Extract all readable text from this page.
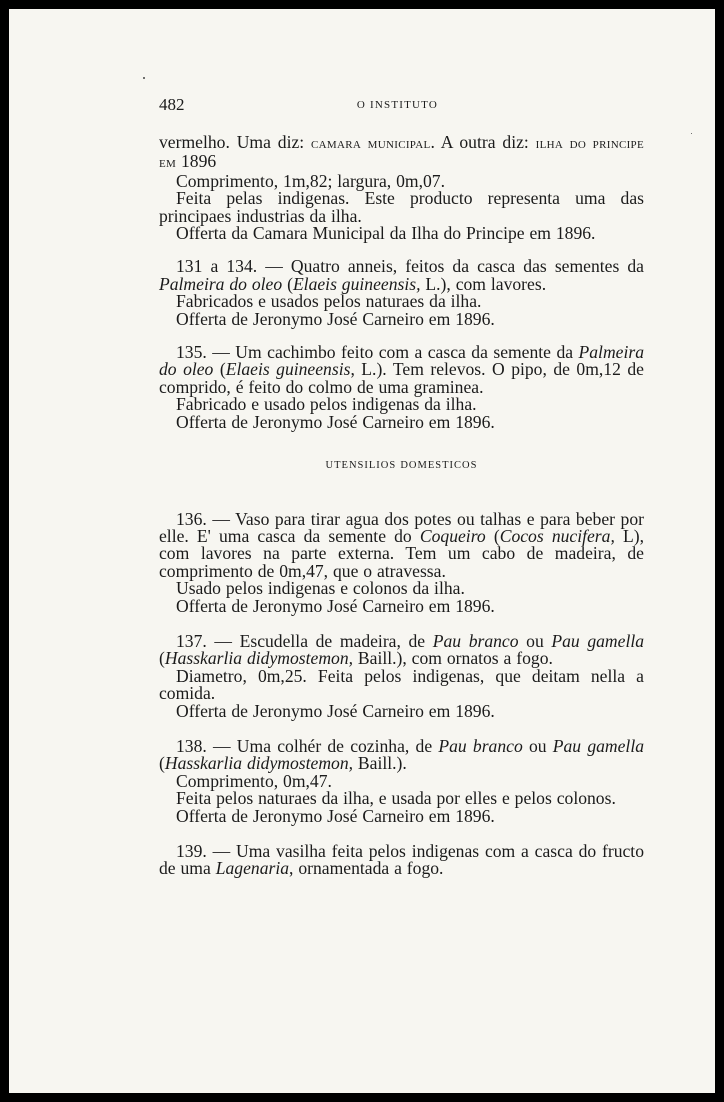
482	O INSTITUTO

vermelho. Uma diz: camara municipal. A outra diz: ilha do principe em 1896

Comprimento, 1m,82; largura, 0m,07.

Feita pelas indigenas. Este producto representa uma das principaes industrias da ilha.

Offerta da Camara Municipal da Ilha do Principe em 1896.

131 a 134. — Quatro anneis, feitos da casca das sementes da Palmeira do oleo (Elaeis guineensis, L.), com lavores.

Fabricados e usados pelos naturaes da ilha.

Offerta de Jeronymo José Carneiro em 1896.

135. — Um cachimbo feito com a casca da semente da Palmeira do oleo (Elaeis guineensis, L.). Tem relevos. O pipo, de 0m,12 de comprido, é feito do colmo de uma graminea.

Fabricado e usado pelos indigenas da ilha.

Offerta de Jeronymo José Carneiro em 1896.

UTENSILIOS DOMESTICOS

136. — Vaso para tirar agua dos potes ou talhas e para beber por elle. E' uma casca da semente do Coqueiro (Cocos nucifera, L), com lavores na parte externa. Tem um cabo de madeira, de comprimento de 0m,47, que o atravessa.

Usado pelos indigenas e colonos da ilha.

Offerta de Jeronymo José Carneiro em 1896.

137. — Escudella de madeira, de Pau branco ou Pau gamella (Hasskarlia didymostemon, Baill.), com ornatos a fogo.

Diametro, 0m,25. Feita pelos indigenas, que deitam nella a comida.

Offerta de Jeronymo José Carneiro em 1896.

138. — Uma colhér de cozinha, de Pau branco ou Pau gamella (Hasskarlia didymostemon, Baill.).

Comprimento, 0m,47.

Feita pelos naturaes da ilha, e usada por elles e pelos colonos.

Offerta de Jeronymo José Carneiro em 1896.

139. — Uma vasilha feita pelos indigenas com a casca do fructo de uma Lagenaria, ornamentada a fogo.
